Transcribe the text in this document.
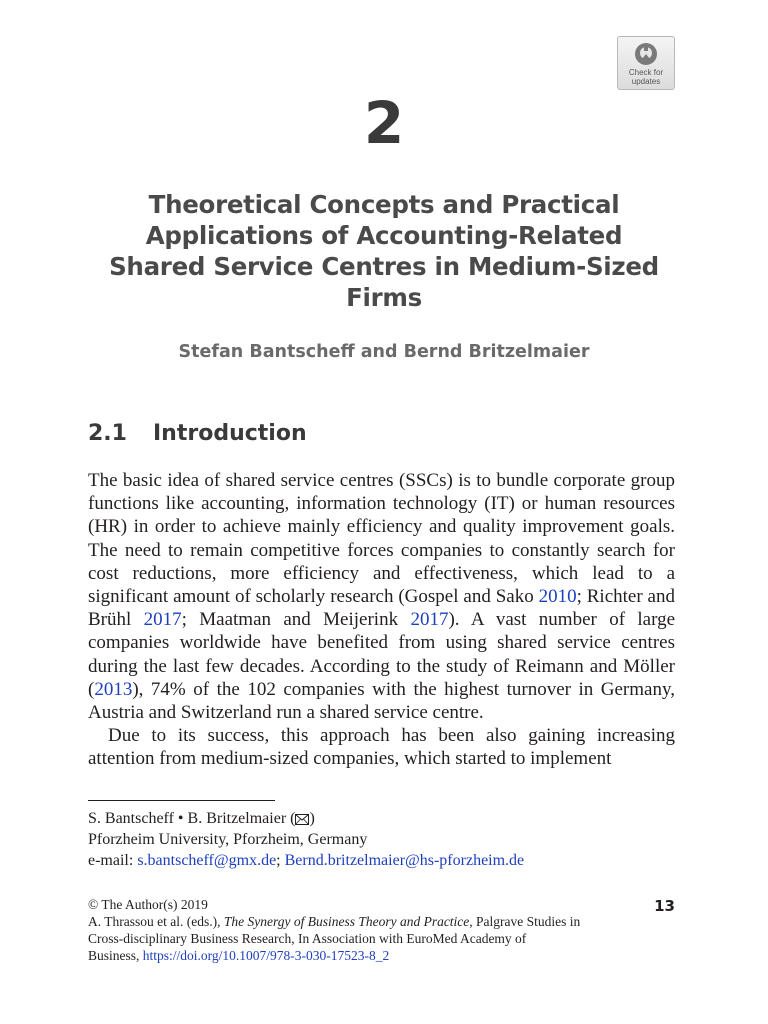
Check for
updates
2
Theoretical Concepts and Practical
Applications of Accounting-Related
Shared Service Centres in Medium-Sized
Firms
Stefan Bantscheff and Bernd Britzelmaier
2.1 Introduction

The basic idea of shared service centres (SSCs) is to bundle corporate group functions like accounting, information technology (IT) or human resources (HR) in order to achieve mainly efficiency and quality improvement goals. The need to remain competitive forces companies to constantly search for cost reductions, more efficiency and effectiveness, which lead to a significant amount of scholarly research (Gospel and Sako 2010; Richter and Brühl 2017; Maatman and Meijerink 2017). A vast number of large companies worldwide have benefited from using shared service centres during the last few decades. According to the study of Reimann and Möller (2013), 74% of the 102 companies with the highest turnover in Germany, Austria and Switzerland run a shared service centre.

Due to its success, this approach has been also gaining increasing attention from medium-sized companies, which started to implement

S. Bantscheff • B. Britzelmaier ( )
Pforzheim University, Pforzheim, Germany
e-mail: s.bantscheff@gmx.de; Bernd.britzelmaier@hs-pforzheim.de
© The Author(s) 2019
A. Thrassou et al. (eds.), The Synergy of Business Theory and Practice, Palgrave Studies in
Cross-disciplinary Business Research, In Association with EuroMed Academy of
Business, https://doi.org/10.1007/978-3-030-17523-8_2
13
